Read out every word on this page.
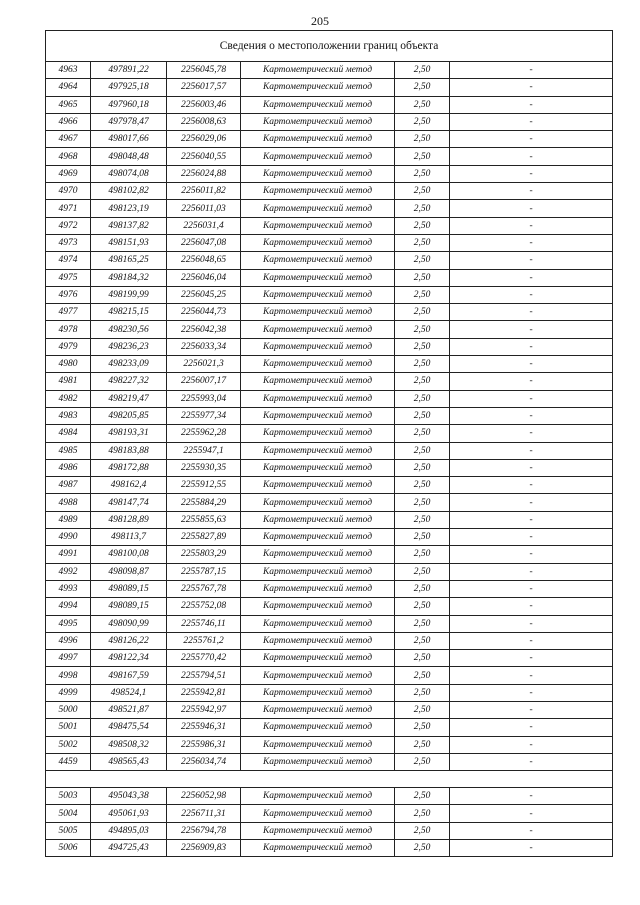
205
Сведения о местоположении границ объекта					
4963	497891,22	2256045,78	Картометрический метод	2,50	-
4964	497925,18	2256017,57	Картометрический метод	2,50	-
4965	497960,18	2256003,46	Картометрический метод	2,50	-
4966	497978,47	2256008,63	Картометрический метод	2,50	-
4967	498017,66	2256029,06	Картометрический метод	2,50	-
4968	498048,48	2256040,55	Картометрический метод	2,50	-
4969	498074,08	2256024,88	Картометрический метод	2,50	-
4970	498102,82	2256011,82	Картометрический метод	2,50	-
4971	498123,19	2256011,03	Картометрический метод	2,50	-
4972	498137,82	2256031,4	Картометрический метод	2,50	-
4973	498151,93	2256047,08	Картометрический метод	2,50	-
4974	498165,25	2256048,65	Картометрический метод	2,50	-
4975	498184,32	2256046,04	Картометрический метод	2,50	-
4976	498199,99	2256045,25	Картометрический метод	2,50	-
4977	498215,15	2256044,73	Картометрический метод	2,50	-
4978	498230,56	2256042,38	Картометрический метод	2,50	-
4979	498236,23	2256033,34	Картометрический метод	2,50	-
4980	498233,09	2256021,3	Картометрический метод	2,50	-
4981	498227,32	2256007,17	Картометрический метод	2,50	-
4982	498219,47	2255993,04	Картометрический метод	2,50	-
4983	498205,85	2255977,34	Картометрический метод	2,50	-
4984	498193,31	2255962,28	Картометрический метод	2,50	-
4985	498183,88	2255947,1	Картометрический метод	2,50	-
4986	498172,88	2255930,35	Картометрический метод	2,50	-
4987	498162,4	2255912,55	Картометрический метод	2,50	-
4988	498147,74	2255884,29	Картометрический метод	2,50	-
4989	498128,89	2255855,63	Картометрический метод	2,50	-
4990	498113,7	2255827,89	Картометрический метод	2,50	-
4991	498100,08	2255803,29	Картометрический метод	2,50	-
4992	498098,87	2255787,15	Картометрический метод	2,50	-
4993	498089,15	2255767,78	Картометрический метод	2,50	-
4994	498089,15	2255752,08	Картометрический метод	2,50	-
4995	498090,99	2255746,11	Картометрический метод	2,50	-
4996	498126,22	2255761,2	Картометрический метод	2,50	-
4997	498122,34	2255770,42	Картометрический метод	2,50	-
4998	498167,59	2255794,51	Картометрический метод	2,50	-
4999	498524,1	2255942,81	Картометрический метод	2,50	-
5000	498521,87	2255942,97	Картометрический метод	2,50	-
5001	498475,54	2255946,31	Картометрический метод	2,50	-
5002	498508,32	2255986,31	Картометрический метод	2,50	-
4459	498565,43	2256034,74	Картометрический метод	2,50	-

5003	495043,38	2256052,98	Картометрический метод	2,50	-
5004	495061,93	2256711,31	Картометрический метод	2,50	-
5005	494895,03	2256794,78	Картометрический метод	2,50	-
5006	494725,43	2256909,83	Картометрический метод	2,50	-
